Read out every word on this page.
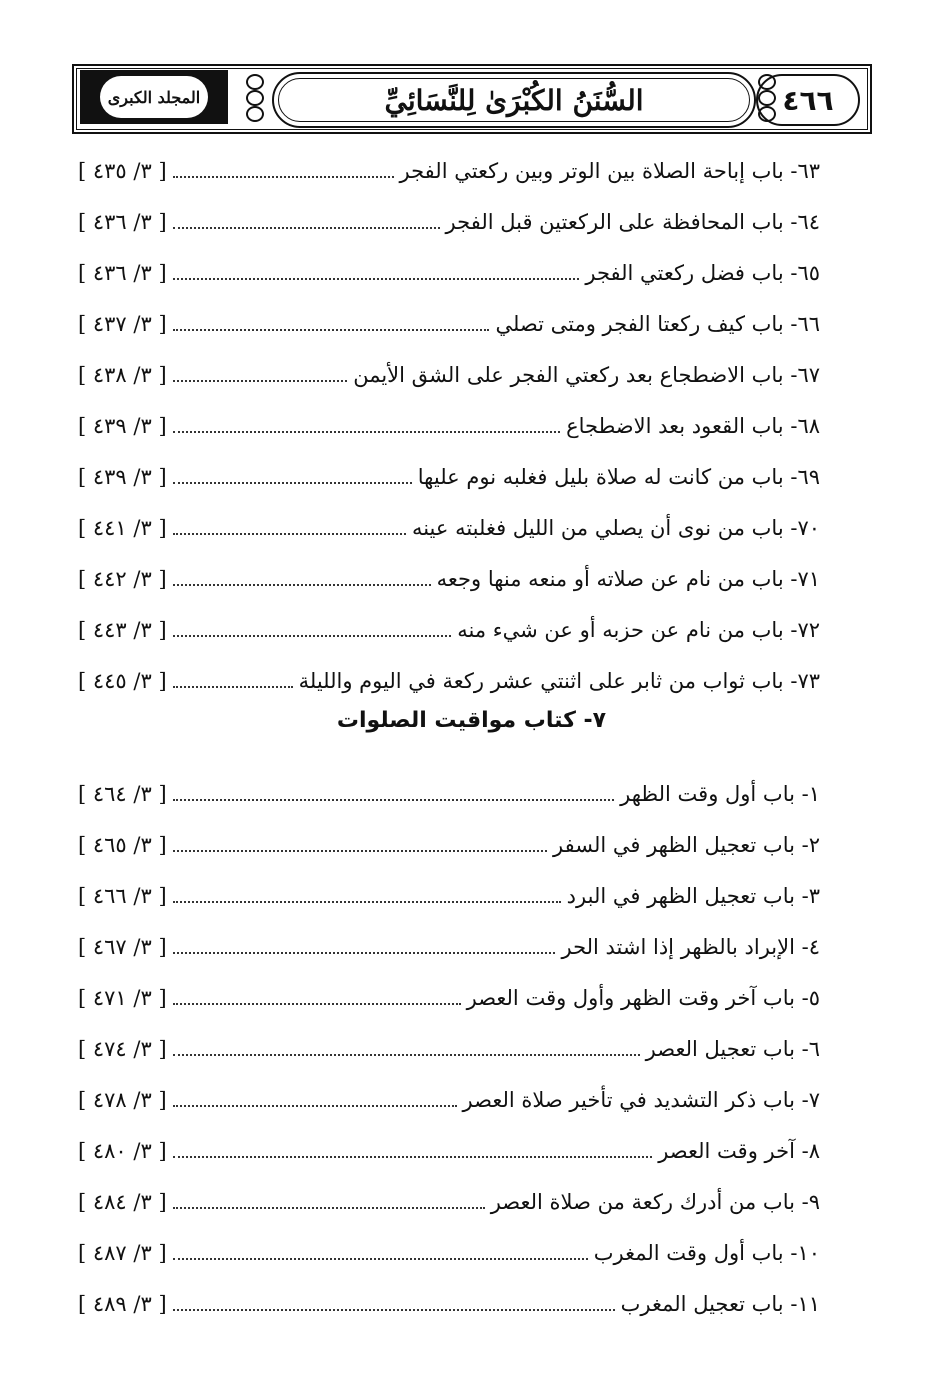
٤٦٦
السُّنَنُ الكُبْرَىٰ لِلنَّسَائِيِّ
المجلد الكبرى
٦٣- باب إباحة الصلاة بين الوتر وبين ركعتي الفجر
[ ٣/ ٤٣٥ ]
٦٤- باب المحافظة على الركعتين قبل الفجر
[ ٣/ ٤٣٦ ]
٦٥- باب فضل ركعتي الفجر
[ ٣/ ٤٣٦ ]
٦٦- باب كيف ركعتا الفجر ومتى تصلي
[ ٣/ ٤٣٧ ]
٦٧- باب الاضطجاع بعد ركعتي الفجر على الشق الأيمن
[ ٣/ ٤٣٨ ]
٦٨- باب القعود بعد الاضطجاع
[ ٣/ ٤٣٩ ]
٦٩- باب من كانت له صلاة بليل فغلبه نوم عليها
[ ٣/ ٤٣٩ ]
٧٠- باب من نوى أن يصلي من الليل فغلبته عينه
[ ٣/ ٤٤١ ]
٧١- باب من نام عن صلاته أو منعه منها وجعه
[ ٣/ ٤٤٢ ]
٧٢- باب من نام عن حزبه أو عن شيء منه
[ ٣/ ٤٤٣ ]
٧٣- باب ثواب من ثابر على اثنتي عشر ركعة في اليوم والليلة
[ ٣/ ٤٤٥ ]
٧- كتاب مواقيت الصلوات
١- باب أول وقت الظهر
[ ٣/ ٤٦٤ ]
٢- باب تعجيل الظهر في السفر
[ ٣/ ٤٦٥ ]
٣- باب تعجيل الظهر في البرد
[ ٣/ ٤٦٦ ]
٤- الإبراد بالظهر إذا اشتد الحر
[ ٣/ ٤٦٧ ]
٥- باب آخر وقت الظهر وأول وقت العصر
[ ٣/ ٤٧١ ]
٦- باب تعجيل العصر
[ ٣/ ٤٧٤ ]
٧- باب ذكر التشديد في تأخير صلاة العصر
[ ٣/ ٤٧٨ ]
٨- آخر وقت العصر
[ ٣/ ٤٨٠ ]
٩- باب من أدرك ركعة من صلاة العصر
[ ٣/ ٤٨٤ ]
١٠- باب أول وقت المغرب
[ ٣/ ٤٨٧ ]
١١- باب تعجيل المغرب
[ ٣/ ٤٨٩ ]
